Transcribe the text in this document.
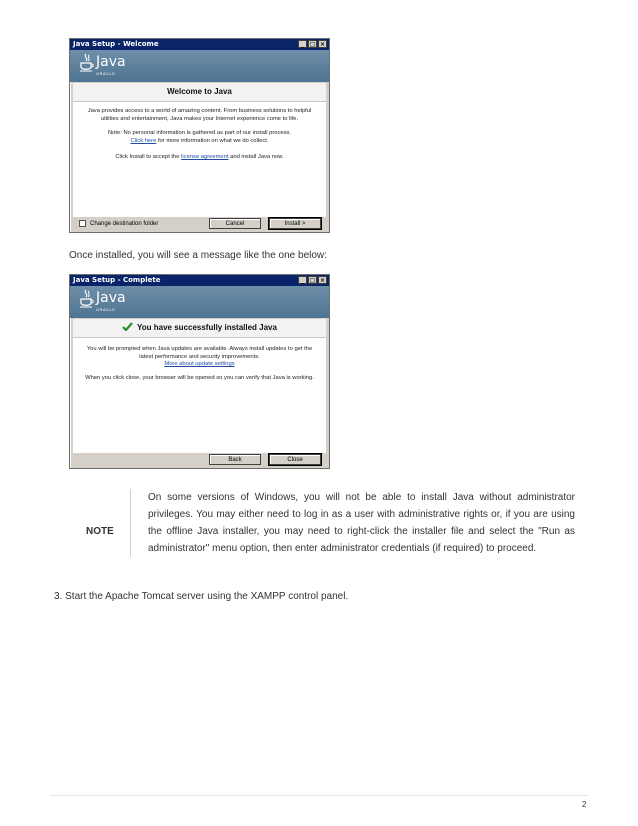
Java Setup - Welcome	_ □ ×
Java
ORACLE
Welcome to Java
Java provides access to a world of amazing content. From business solutions to helpful utilities and entertainment, Java makes your Internet experience come to life.
Note: No personal information is gathered as part of our install process.
Click here for more information on what we do collect.
Click Install to accept the license agreement and install Java now.
Change destination folder	Cancel	Install >
Once installed, you will see a message like the one below:
Java Setup - Complete	_ □ ×
Java
ORACLE
You have successfully installed Java
You will be prompted when Java updates are available. Always install updates to get the latest performance and security improvements.
More about update settings
When you click close, your browser will be opened so you can verify that Java is working.
Back	Close
NOTE
On some versions of Windows, you will not be able to install Java without administrator privileges. You may either need to log in as a user with administrative rights or, if you are using the offline Java installer, you may need to right-click the installer file and select the "Run as administrator" menu option, then enter administrator credentials (if required) to proceed.
3. Start the Apache Tomcat server using the XAMPP control panel.
2
